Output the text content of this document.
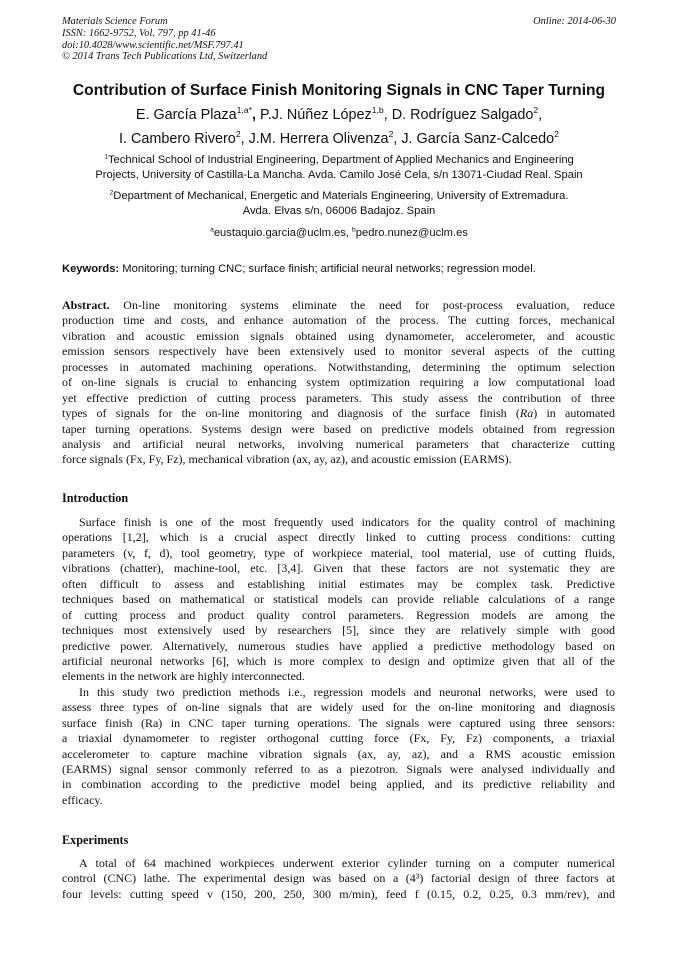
Materials Science Forum
ISSN: 1662-9752, Vol. 797, pp 41-46
doi:10.4028/www.scientific.net/MSF.797.41
© 2014 Trans Tech Publications Ltd, Switzerland
Online: 2014-06-30
Contribution of Surface Finish Monitoring Signals in CNC Taper Turning
E. García Plaza$^{1,a*}$, P.J. Núñez López$^{1,b}$, D. Rodríguez Salgado$^2$,
I. Cambero Rivero$^2$, J.M. Herrera Olivenza$^2$, J. García Sanz-Calcedo$^2$
$^1$Technical School of Industrial Engineering, Department of Applied Mechanics and Engineering
Projects, University of Castilla-La Mancha. Avda. Camilo José Cela, s/n 13071-Ciudad Real. Spain
$^2$Department of Mechanical, Energetic and Materials Engineering, University of Extremadura.
Avda. Elvas s/n, 06006 Badajoz. Spain
$^a$eustaquio.garcia@uclm.es, $^b$pedro.nunez@uclm.es
Keywords: Monitoring; turning CNC; surface finish; artificial neural networks; regression model.
Abstract. On-line monitoring systems eliminate the need for post-process evaluation, reduce
production time and costs, and enhance automation of the process. The cutting forces, mechanical
vibration and acoustic emission signals obtained using dynamometer, accelerometer, and acoustic
emission sensors respectively have been extensively used to monitor several aspects of the cutting
processes in automated machining operations. Notwithstanding, determining the optimum selection
of on-line signals is crucial to enhancing system optimization requiring a low computational load
yet effective prediction of cutting process parameters. This study assess the contribution of three
types of signals for the on-line monitoring and diagnosis of the surface finish (Ra) in automated
taper turning operations. Systems design were based on predictive models obtained from regression
analysis and artificial neural networks, involving numerical parameters that characterize cutting
force signals (Fx, Fy, Fz), mechanical vibration (ax, ay, az), and acoustic emission (EARMS).
Introduction
Surface finish is one of the most frequently used indicators for the quality control of machining
operations [1,2], which is a crucial aspect directly linked to cutting process conditions: cutting
parameters (v, f, d), tool geometry, type of workpiece material, tool material, use of cutting fluids,
vibrations (chatter), machine-tool, etc. [3,4]. Given that these factors are not systematic they are
often difficult to assess and establishing initial estimates may be complex task. Predictive
techniques based on mathematical or statistical models can provide reliable calculations of a range
of cutting process and product quality control parameters. Regression models are among the
techniques most extensively used by researchers [5], since they are relatively simple with good
predictive power. Alternatively, numerous studies have applied a predictive methodology based on
artificial neuronal networks [6], which is more complex to design and optimize given that all of the
elements in the network are highly interconnected.
In this study two prediction methods i.e., regression models and neuronal networks, were used to
assess three types of on-line signals that are widely used for the on-line monitoring and diagnosis
surface finish (Ra) in CNC taper turning operations. The signals were captured using three sensors:
a triaxial dynamometer to register orthogonal cutting force (Fx, Fy, Fz) components, a triaxial
accelerometer to capture machine vibration signals (ax, ay, az), and a RMS acoustic emission
(EARMS) signal sensor commonly referred to as a piezotron. Signals were analysed individually and
in combination according to the predictive model being applied, and its predictive reliability and
efficacy.
Experiments
A total of 64 machined workpieces underwent exterior cylinder turning on a computer numerical
control (CNC) lathe. The experimental design was based on a (4³) factorial design of three factors at
four levels: cutting speed v (150, 200, 250, 300 m/min), feed f (0.15, 0.2, 0.25, 0.3 mm/rev), and
